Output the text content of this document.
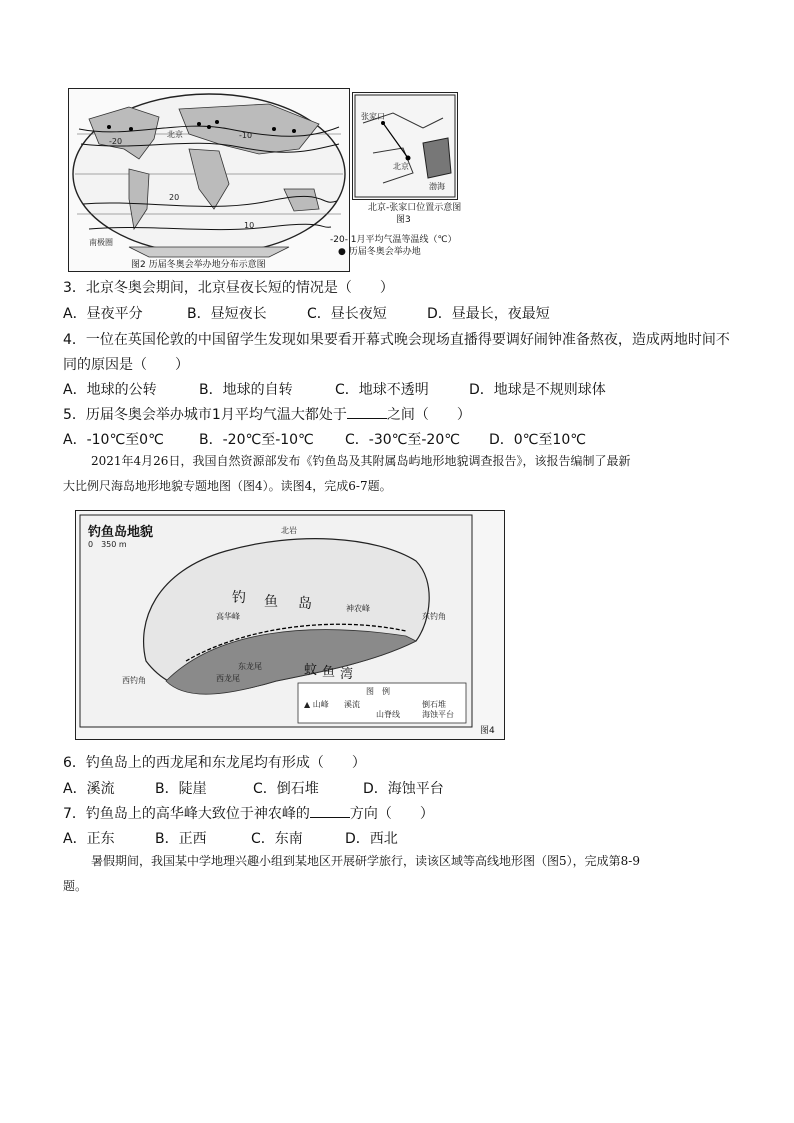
北京	-10
-20
10
20
南极圈
图2 历届冬奥会举办地分布示意图
-20- 1月平均气温等温线（℃）
● 历届冬奥会举办地
张家口
北京
渤海
北京-张家口位置示意图
图3
3．北京冬奥会期间，北京昼夜长短的情况是（　　）
A．昼夜平分	B．昼短夜长	C．昼长夜短	D．昼最长，夜最短
4．一位在英国伦敦的中国留学生发现如果要看开幕式晚会现场直播得要调好闹钟准备熬夜，造成两地时间不
同的原因是（　　）
A．地球的公转	B．地球的自转	C．地球不透明	D．地球是不规则球体
5．历届冬奥会举办城市1月平均气温大都处于	之间（　　）
A．-10℃至0℃	B．-20℃至-10℃ C．-30℃至-20℃ D．0℃至10℃
2021年4月26日，我国自然资源部发布《钓鱼岛及其附属岛屿地形地貌调查报告》，该报告编制了最新
大比例尺海岛地形地貌专题地图（图4）。读图4，完成6-7题。
钓鱼岛地貌
0　350 m
北岩
钓 鱼 岛
高华峰
神农峰
东龙尾
西龙尾
东钓角
西钓角
蚊 鱼 湾
图　例
▲ 山峰 溪流
山脊线
倒石堆
海蚀平台
图4
6．钓鱼岛上的西龙尾和东龙尾均有形成（　　）
A．溪流	B．陡崖	C．倒石堆	D．海蚀平台
7．钓鱼岛上的高华峰大致位于神农峰的	方向（　　）
A．正东	B．正西	C．东南	D．西北
暑假期间，我国某中学地理兴趣小组到某地区开展研学旅行，读该区域等高线地形图（图5），完成第8-9
题。
